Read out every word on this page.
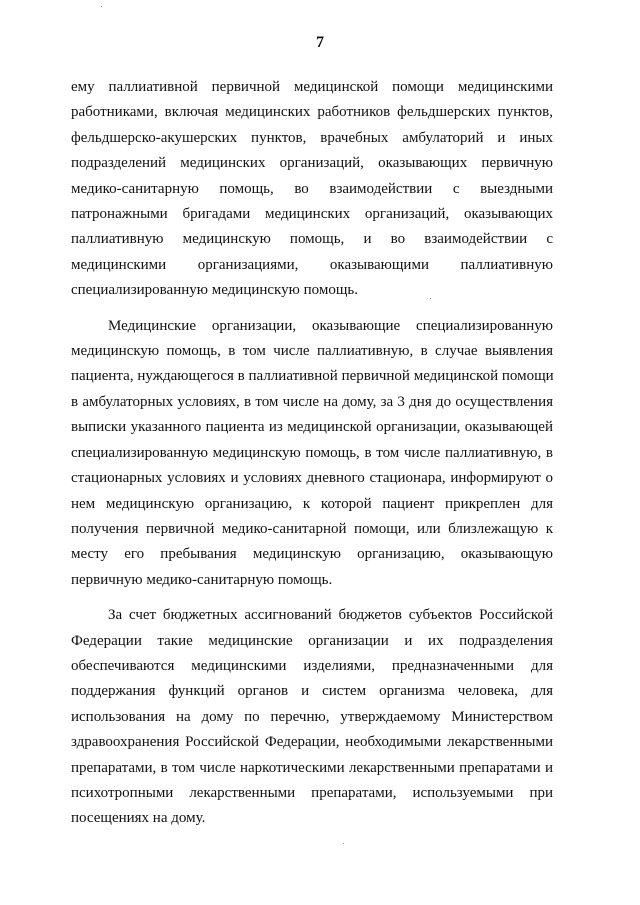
7
ему паллиативной первичной медицинской помощи медицинскими
работниками, включая медицинских работников фельдшерских пунктов,
фельдшерско-акушерских пунктов, врачебных амбулаторий и иных
подразделений медицинских организаций, оказывающих первичную
медико-санитарную помощь, во взаимодействии с выездными
патронажными бригадами медицинских организаций, оказывающих
паллиативную медицинскую помощь, и во взаимодействии с
медицинскими организациями, оказывающими паллиативную
специализированную медицинскую помощь.
Медицинские организации, оказывающие специализированную
медицинскую помощь, в том числе паллиативную, в случае выявления
пациента, нуждающегося в паллиативной первичной медицинской помощи
в амбулаторных условиях, в том числе на дому, за 3 дня до осуществления
выписки указанного пациента из медицинской организации, оказывающей
специализированную медицинскую помощь, в том числе паллиативную, в
стационарных условиях и условиях дневного стационара, информируют о
нем медицинскую организацию, к которой пациент прикреплен для
получения первичной медико-санитарной помощи, или близлежащую к
месту его пребывания медицинскую организацию, оказывающую
первичную медико-санитарную помощь.
За счет бюджетных ассигнований бюджетов субъектов Российской
Федерации такие медицинские организации и их подразделения
обеспечиваются медицинскими изделиями, предназначенными для
поддержания функций органов и систем организма человека, для
использования на дому по перечню, утверждаемому Министерством
здравоохранения Российской Федерации, необходимыми лекарственными
препаратами, в том числе наркотическими лекарственными препаратами и
психотропными лекарственными препаратами, используемыми при
посещениях на дому.
